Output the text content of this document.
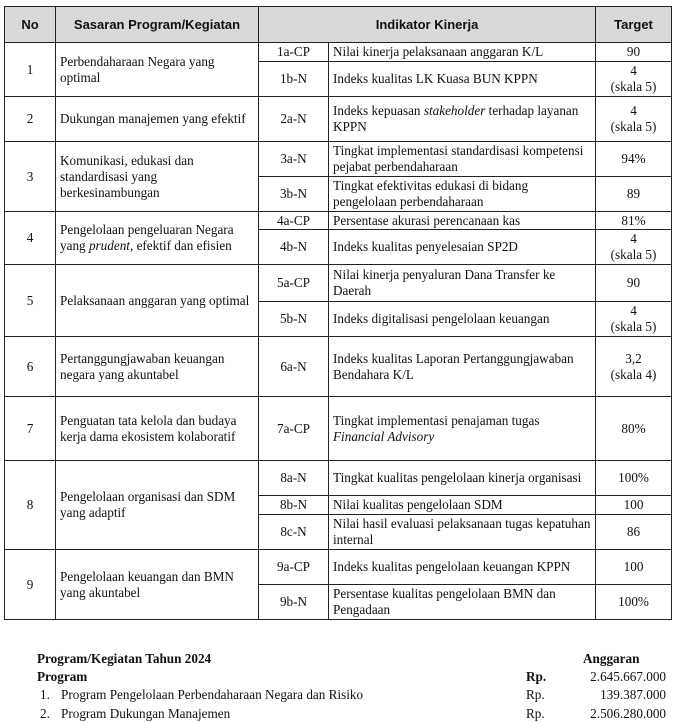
No	Sasaran Program/Kegiatan	Indikator Kinerja		Target
1	Perbendaharaan Negara yang optimal	1a-CP	Nilai kinerja pelaksanaan anggaran K/L	90
		1b-N	Indeks kualitas LK Kuasa BUN KPPN	4
(skala 5)
2	Dukungan manajemen yang efektif	2a-N	Indeks kepuasan stakeholder terhadap layanan KPPN	4
(skala 5)
3	Komunikasi, edukasi dan standardisasi yang berkesinambungan	3a-N	Tingkat implementasi standardisasi kompetensi pejabat perbendaharaan	94%
		3b-N	Tingkat efektivitas edukasi di bidang pengelolaan perbendaharaan	89
4	Pengelolaan pengeluaran Negara yang prudent, efektif dan efisien	4a-CP	Persentase akurasi perencanaan kas	81%
		4b-N	Indeks kualitas penyelesaian SP2D	4
(skala 5)
5	Pelaksanaan anggaran yang optimal	5a-CP	Nilai kinerja penyaluran Dana Transfer ke Daerah	90
		5b-N	Indeks digitalisasi pengelolaan keuangan	4
(skala 5)
6	Pertanggungjawaban keuangan negara yang akuntabel	6a-N	Indeks kualitas Laporan Pertanggungjawaban Bendahara K/L	3,2
(skala 4)
7	Penguatan tata kelola dan budaya kerja dama ekosistem kolaboratif	7a-CP	Tingkat implementasi penajaman tugas Financial Advisory	80%
8	Pengelolaan organisasi dan SDM yang adaptif	8a-N	Tingkat kualitas pengelolaan kinerja organisasi	100%
		8b-N	Nilai kualitas pengelolaan SDM	100
		8c-N	Nilai hasil evaluasi pelaksanaan tugas kepatuhan internal	86
9	Pengelolaan keuangan dan BMN yang akuntabel	9a-CP	Indeks kualitas pengelolaan keuangan KPPN	100
		9b-N	Persentase kualitas pengelolaan BMN dan Pengadaan	100%
Program/Kegiatan Tahun 2024	Anggaran
Program	Rp.	2.645.667.000
1. Program Pengelolaan Perbendaharaan Negara dan Risiko	Rp.	139.387.000
2. Program Dukungan Manajemen	Rp.	2.506.280.000
